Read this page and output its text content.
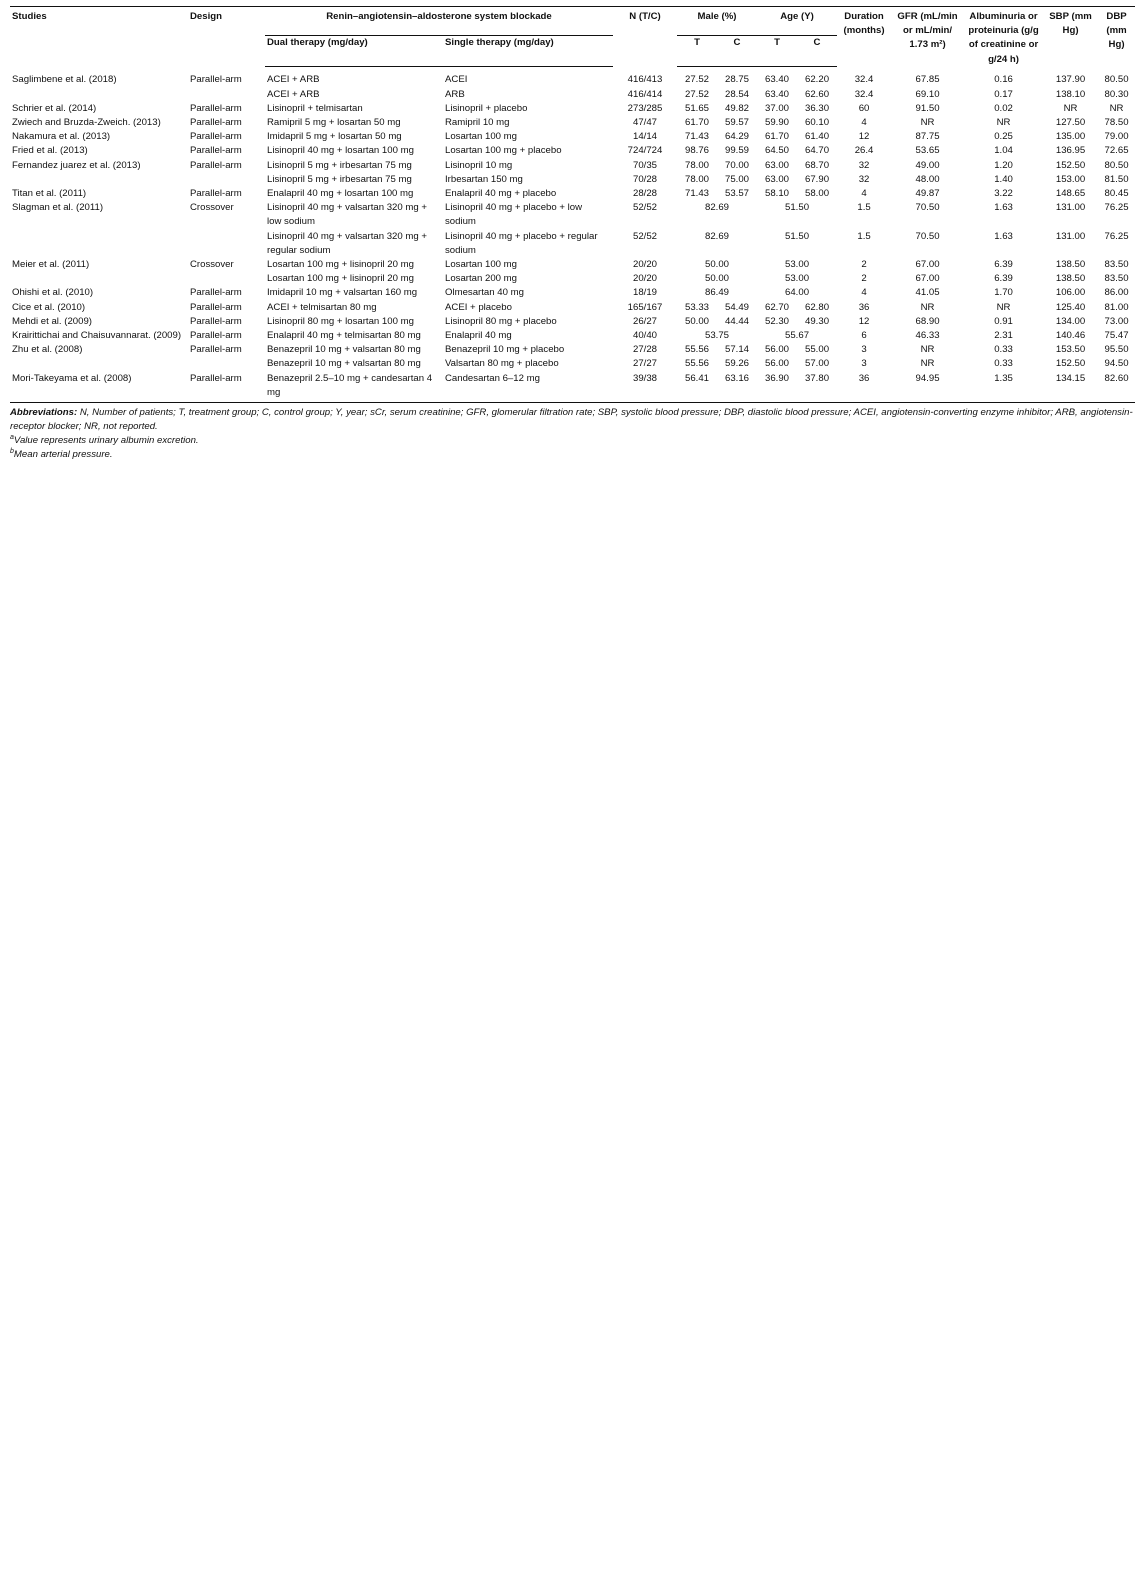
Studies	Design	Renin–angiotensin–aldosterone system blockade		N (T/C)	Male (%)		Age (Y)		Duration (months)	GFR (mL/min or mL/min/ 1.73 m²)	Albuminuria or proteinuria (g/g of creatinine or g/24 h)	SBP (mm Hg)	DBP (mm Hg)
		Dual therapy (mg/day)	Single therapy (mg/day)		T	C	T	C					
Saglimbene et al. (2018)	Parallel-arm	ACEI + ARB	ACEI	416/413	27.52	28.75	63.40	62.20	32.4	67.85	0.16	137.90	80.50
		ACEI + ARB	ARB	416/414	27.52	28.54	63.40	62.60	32.4	69.10	0.17	138.10	80.30
Schrier et al. (2014)	Parallel-arm	Lisinopril + telmisartan	Lisinopril + placebo	273/285	51.65	49.82	37.00	36.30	60	91.50	0.02	NR	NR
Zwiech and Bruzda-Zweich. (2013)	Parallel-arm	Ramipril 5 mg + losartan 50 mg	Ramipril 10 mg	47/47	61.70	59.57	59.90	60.10	4	NR	NR	127.50	78.50
Nakamura et al. (2013)	Parallel-arm	Imidapril 5 mg + losartan 50 mg	Losartan 100 mg	14/14	71.43	64.29	61.70	61.40	12	87.75	0.25	135.00	79.00
Fried et al. (2013)	Parallel-arm	Lisinopril 40 mg + losartan 100 mg	Losartan 100 mg + placebo	724/724	98.76	99.59	64.50	64.70	26.4	53.65	1.04	136.95	72.65
Fernandez juarez et al. (2013)	Parallel-arm	Lisinopril 5 mg + irbesartan 75 mg	Lisinopril 10 mg	70/35	78.00	70.00	63.00	68.70	32	49.00	1.20	152.50	80.50
		Lisinopril 5 mg + irbesartan 75 mg	Irbesartan 150 mg	70/28	78.00	75.00	63.00	67.90	32	48.00	1.40	153.00	81.50
Titan et al. (2011)	Parallel-arm	Enalapril 40 mg + losartan 100 mg	Enalapril 40 mg + placebo	28/28	71.43	53.57	58.10	58.00	4	49.87	3.22	148.65	80.45
Slagman et al. (2011)	Crossover	Lisinopril 40 mg + valsartan 320 mg + low sodium	Lisinopril 40 mg + placebo + low sodium	52/52	82.69		51.50		1.5	70.50	1.63	131.00	76.25
		Lisinopril 40 mg + valsartan 320 mg + regular sodium	Lisinopril 40 mg + placebo + regular sodium	52/52	82.69		51.50		1.5	70.50	1.63	131.00	76.25
Meier et al. (2011)	Crossover	Losartan 100 mg + lisinopril 20 mg	Losartan 100 mg	20/20	50.00		53.00		2	67.00	6.39	138.50	83.50
		Losartan 100 mg + lisinopril 20 mg	Losartan 200 mg	20/20	50.00		53.00		2	67.00	6.39	138.50	83.50
Ohishi et al. (2010)	Parallel-arm	Imidapril 10 mg + valsartan 160 mg	Olmesartan 40 mg	18/19	86.49		64.00		4	41.05	1.70	106.00	86.00
Cice et al. (2010)	Parallel-arm	ACEI + telmisartan 80 mg	ACEI + placebo	165/167	53.33	54.49	62.70	62.80	36	NR	NR	125.40	81.00
Mehdi et al. (2009)	Parallel-arm	Lisinopril 80 mg + losartan 100 mg	Lisinopril 80 mg + placebo	26/27	50.00	44.44	52.30	49.30	12	68.90	0.91	134.00	73.00
Krairittichai and Chaisuvannarat. (2009)	Parallel-arm	Enalapril 40 mg + telmisartan 80 mg	Enalapril 40 mg	40/40	53.75		55.67		6	46.33	2.31	140.46	75.47
Zhu et al. (2008)	Parallel-arm	Benazepril 10 mg + valsartan 80 mg	Benazepril 10 mg + placebo	27/28	55.56	57.14	56.00	55.00	3	NR	0.33	153.50	95.50
		Benazepril 10 mg + valsartan 80 mg	Valsartan 80 mg + placebo	27/27	55.56	59.26	56.00	57.00	3	NR	0.33	152.50	94.50
Mori-Takeyama et al. (2008)	Parallel-arm	Benazepril 2.5–10 mg + candesartan 4 mg	Candesartan 6–12 mg	39/38	56.41	63.16	36.90	37.80	36	94.95	1.35	134.15	82.60
Abbreviations: N, Number of patients; T, treatment group; C, control group; Y, year; sCr, serum creatinine; GFR, glomerular filtration rate; SBP, systolic blood pressure; DBP, diastolic blood pressure; ACEI, angiotensin-converting enzyme inhibitor; ARB, angiotensin-receptor blocker; NR, not reported.
$^a$Value represents urinary albumin excretion.
$^b$Mean arterial pressure.
